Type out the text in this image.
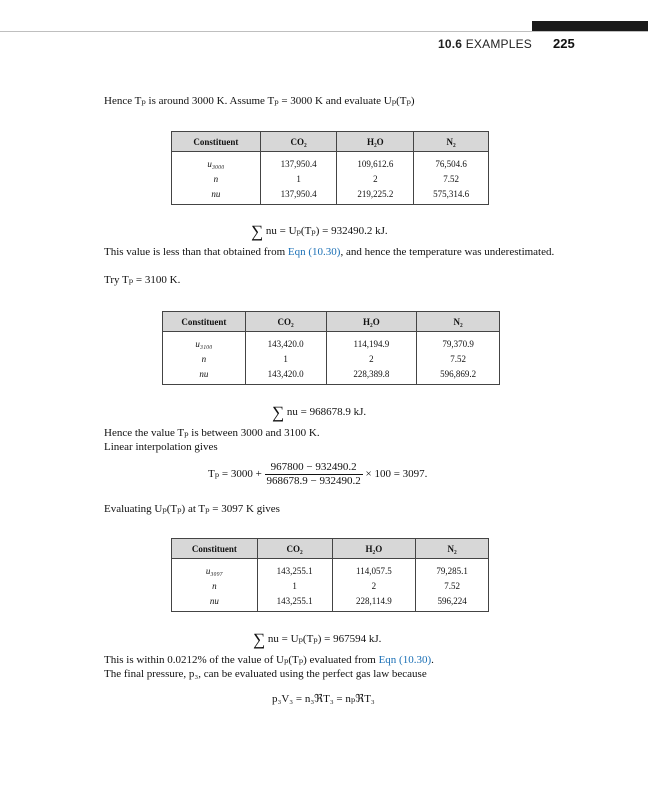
10.6 EXAMPLES 225
Hence Tₚ is around 3000 K. Assume Tₚ = 3000 K and evaluate Uₚ(Tₚ)
Constituent	CO₂	H₂O	N₂
u₃₀₀₀	137,950.4	109,612.6	76,504.6
n	1	2	7.52
nu	137,950.4	219,225.2	575,314.6
∑ nu = Uₚ(Tₚ) = 932490.2 kJ.
This value is less than that obtained from Eqn (10.30), and hence the temperature was underestimated.
Try Tₚ = 3100 K.
Constituent	CO₂	H₂O	N₂
u₃₁₀₀	143,420.0	114,194.9	79,370.9
n	1	2	7.52
nu	143,420.0	228,389.8	596,869.2
∑ nu = 968678.9 kJ.
Hence the value Tₚ is between 3000 and 3100 K.
Linear interpolation gives
$T_p = 3000 + \frac{967800 - 932490.2}{968678.9 - 932490.2} \times 100 = 3097$.
Evaluating Uₚ(Tₚ) at Tₚ = 3097 K gives
Constituent	CO₂	H₂O	N₂
u₃₀₉₇	143,255.1	114,057.5	79,285.1
n	1	2	7.52
nu	143,255.1	228,114.9	596,224
∑ nu = Uₚ(Tₚ) = 967594 kJ.
This is within 0.0212% of the value of Uₚ(Tₚ) evaluated from Eqn (10.30).
The final pressure, p₃, can be evaluated using the perfect gas law because
p₃V₃ = n₃ℜT₃ = nₚℜT₃
